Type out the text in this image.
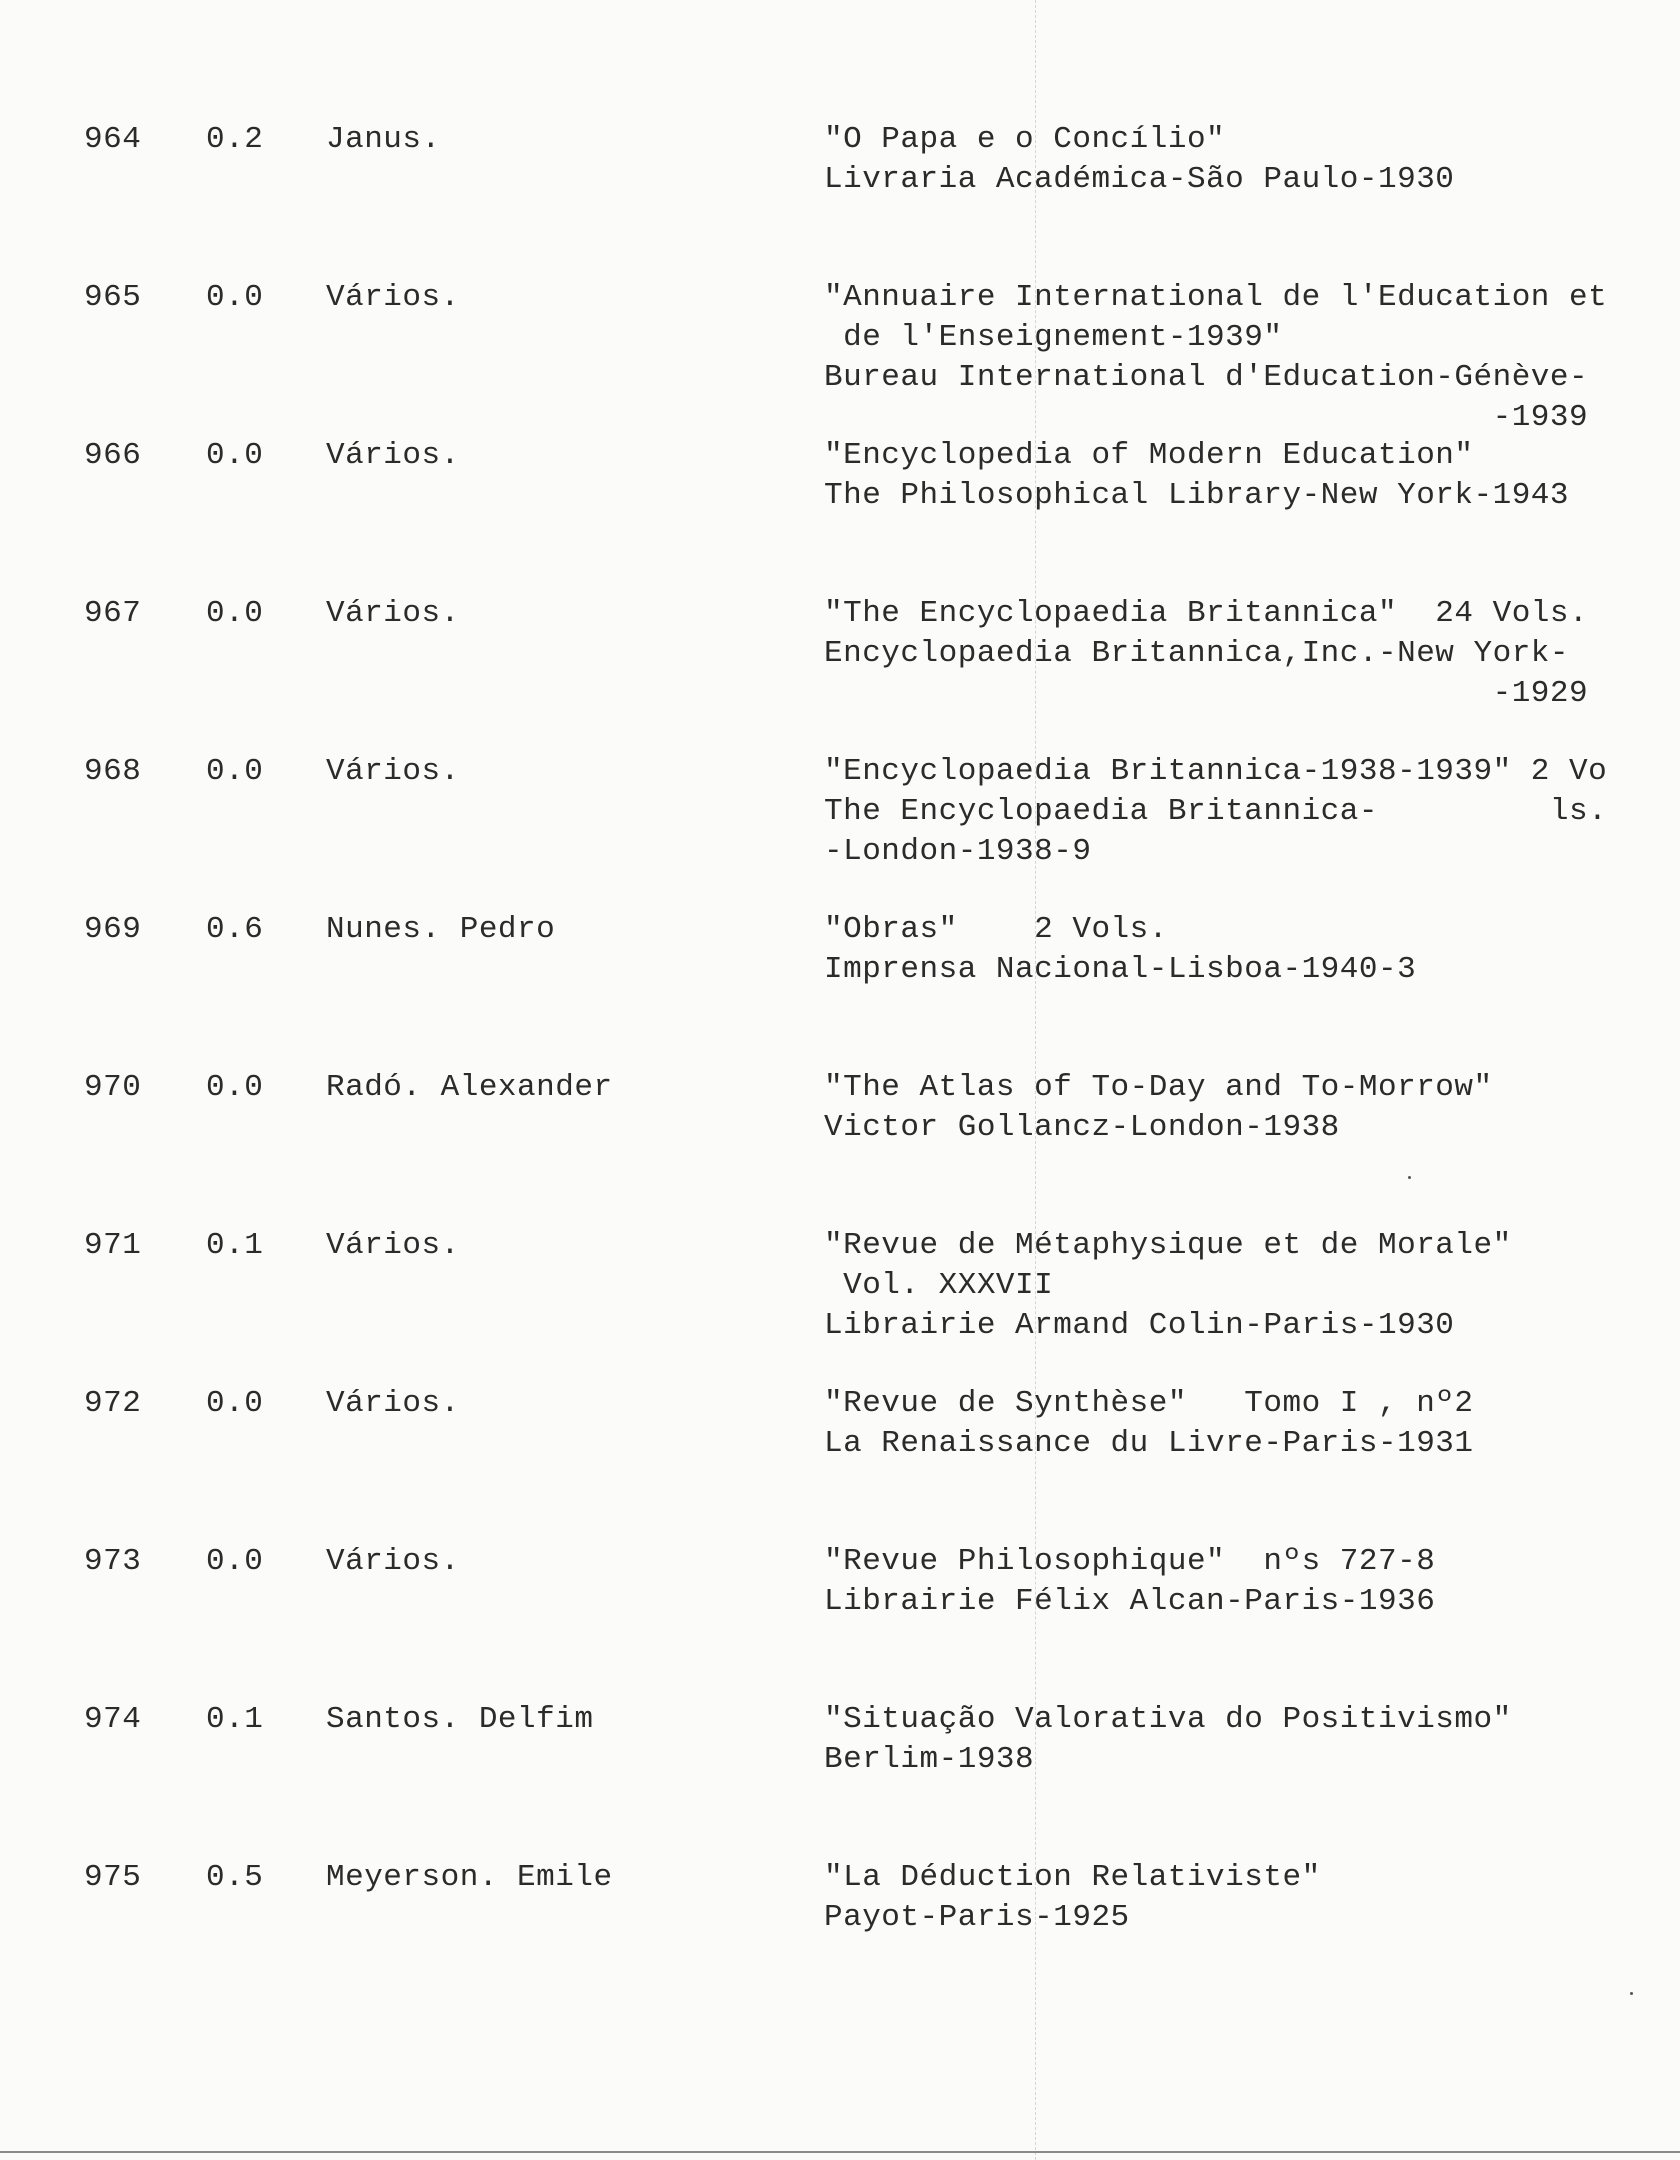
964 0.2 Janus.	"O Papa e o Concílio"
Livraria Académica-São Paulo-1930
965 0.0 Vários.	"Annuaire International de l'Education et
de l'Enseignement-1939"
Bureau International d'Education-Génève-
-1939
966 0.0 Vários.	"Encyclopedia of Modern Education"
The Philosophical Library-New York-1943
967 0.0 Vários.	"The Encyclopaedia Britannica"  24 Vols.
Encyclopaedia Britannica,Inc.-New York-
-1929
968 0.0 Vários.	"Encyclopaedia Britannica-1938-1939" 2 Vo
The Encyclopaedia Britannica-         ls.
-London-1938-9
969 0.6 Nunes. Pedro	"Obras"    2 Vols.
Imprensa Nacional-Lisboa-1940-3
970 0.0 Radó. Alexander	"The Atlas of To-Day and To-Morrow"
Victor Gollancz-London-1938
971 0.1 Vários.	"Revue de Métaphysique et de Morale"
Vol. XXXVII
Librairie Armand Colin-Paris-1930
972 0.0 Vários.	"Revue de Synthèse"   Tomo I , nº2
La Renaissance du Livre-Paris-1931
973 0.0 Vários.	"Revue Philosophique"  nºs 727-8
Librairie Félix Alcan-Paris-1936
974 0.1 Santos. Delfim	"Situação Valorativa do Positivismo"
Berlim-1938
975 0.5 Meyerson. Emile	"La Déduction Relativiste"
Payot-Paris-1925
